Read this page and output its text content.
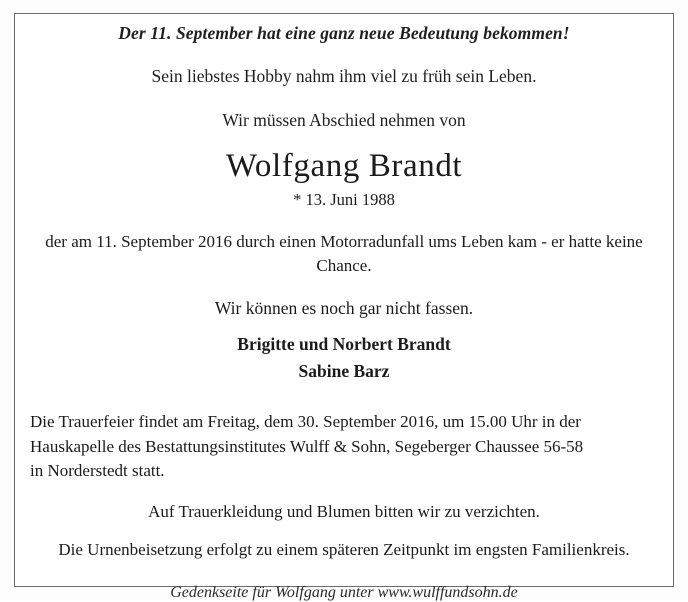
Der 11. September hat eine ganz neue Bedeutung bekommen!
Sein liebstes Hobby nahm ihm viel zu früh sein Leben.
Wir müssen Abschied nehmen von
Wolfgang Brandt
* 13. Juni 1988
der am 11. September 2016 durch einen Motorradunfall ums Leben kam - er hatte keine Chance.
Wir können es noch gar nicht fassen.
Brigitte und Norbert Brandt
Sabine Barz
Die Trauerfeier findet am Freitag, dem 30. September 2016, um 15.00 Uhr in der
Hauskapelle des Bestattungsinstitutes Wulff & Sohn, Segeberger Chaussee 56-58
in Norderstedt statt.
Auf Trauerkleidung und Blumen bitten wir zu verzichten.
Die Urnenbeisetzung erfolgt zu einem späteren Zeitpunkt im engsten Familienkreis.
Gedenkseite für Wolfgang unter www.wulffundsohn.de
